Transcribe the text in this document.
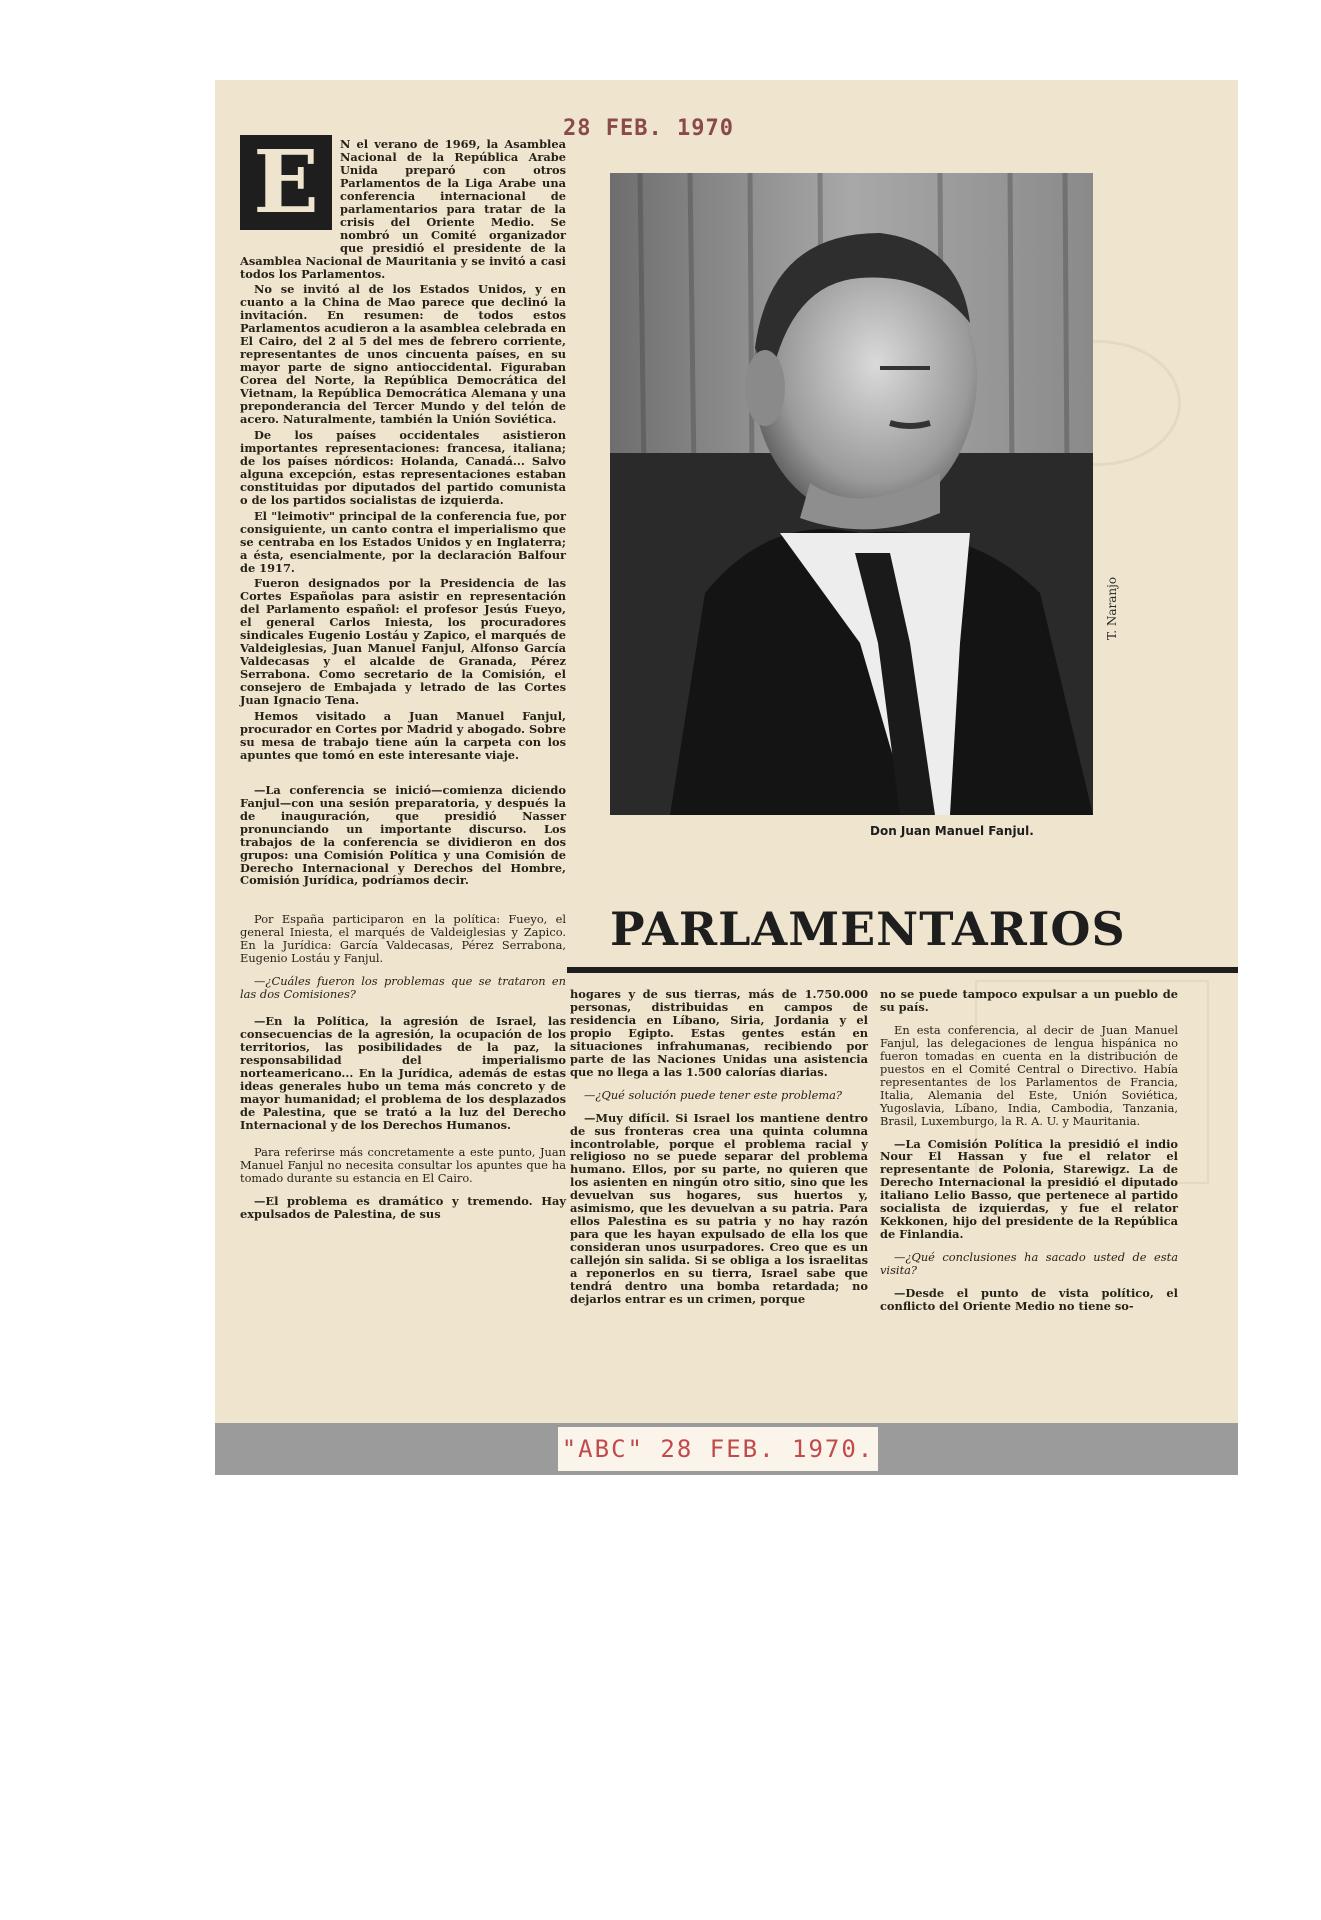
28 FEB. 1970
E	N el verano de 1969, la Asamblea Nacional de la República Arabe Unida preparó con otros Parlamentos de la Liga Arabe una conferencia internacional de parlamentarios para tratar de la crisis del Oriente Medio. Se nombró un Comité organizador que presidió el presidente de la Asamblea Nacional de Mauritania y se invitó a casi todos los Parlamentos.

No se invitó al de los Estados Unidos, y en cuanto a la China de Mao parece que declinó la invitación. En resumen: de todos estos Parlamentos acudieron a la asamblea celebrada en El Cairo, del 2 al 5 del mes de febrero corriente, representantes de unos cincuenta países, en su mayor parte de signo antioccidental. Figuraban Corea del Norte, la República Democrática del Vietnam, la República Democrática Alemana y una preponderancia del Tercer Mundo y del telón de acero. Naturalmente, también la Unión Soviética.

De los países occidentales asistieron importantes representaciones: francesa, italiana; de los países nórdicos: Holanda, Canadá... Salvo alguna excepción, estas representaciones estaban constituidas por diputados del partido comunista o de los partidos socialistas de izquierda.

El "leimotiv" principal de la conferencia fue, por consiguiente, un canto contra el imperialismo que se centraba en los Estados Unidos y en Inglaterra; a ésta, esencialmente, por la declaración Balfour de 1917.

Fueron designados por la Presidencia de las Cortes Españolas para asistir en representación del Parlamento español: el profesor Jesús Fueyo, el general Carlos Iniesta, los procuradores sindicales Eugenio Lostáu y Zapico, el marqués de Valdeiglesias, Juan Manuel Fanjul, Alfonso García Valdecasas y el alcalde de Granada, Pérez Serrabona. Como secretario de la Comisión, el consejero de Embajada y letrado de las Cortes Juan Ignacio Tena.

Hemos visitado a Juan Manuel Fanjul, procurador en Cortes por Madrid y abogado. Sobre su mesa de trabajo tiene aún la carpeta con los apuntes que tomó en este interesante viaje.

—La conferencia se inició—comienza diciendo Fanjul—con una sesión preparatoria, y después la de inauguración, que presidió Nasser pronunciando un importante discurso. Los trabajos de la conferencia se dividieron en dos grupos: una Comisión Política y una Comisión de Derecho Internacional y Derechos del Hombre, Comisión Jurídica, podríamos decir.

Por España participaron en la política: Fueyo, el general Iniesta, el marqués de Valdeiglesias y Zapico. En la Jurídica: García Valdecasas, Pérez Serrabona, Eugenio Lostáu y Fanjul.

—¿Cuáles fueron los problemas que se trataron en las dos Comisiones?

—En la Política, la agresión de Israel, las consecuencias de la agresión, la ocupación de los territorios, las posibilidades de la paz, la responsabilidad del imperialismo norteamericano... En la Jurídica, además de estas ideas generales hubo un tema más concreto y de mayor humanidad; el problema de los desplazados de Palestina, que se trató a la luz del Derecho Internacional y de los Derechos Humanos.

Para referirse más concretamente a este punto, Juan Manuel Fanjul no necesita consultar los apuntes que ha tomado durante su estancia en El Cairo.

—El problema es dramático y tremendo. Hay expulsados de Palestina, de sus

T. Naranjo
Don Juan Manuel Fanjul.
PARLAMENTARIOS

hogares y de sus tierras, más de 1.750.000 personas, distribuidas en campos de residencia en Líbano, Siria, Jordania y el propio Egipto. Estas gentes están en situaciones infrahumanas, recibiendo por parte de las Naciones Unidas una asistencia que no llega a las 1.500 calorías diarias.

—¿Qué solución puede tener este problema?

—Muy difícil. Si Israel los mantiene dentro de sus fronteras crea una quinta columna incontrolable, porque el problema racial y religioso no se puede separar del problema humano. Ellos, por su parte, no quieren que los asienten en ningún otro sitio, sino que les devuelvan sus hogares, sus huertos y, asimismo, que les devuelvan a su patria. Para ellos Palestina es su patria y no hay razón para que les hayan expulsado de ella los que consideran unos usurpadores. Creo que es un callejón sin salida. Si se obliga a los israelitas a reponerlos en su tierra, Israel sabe que tendrá dentro una bomba retardada; no dejarlos entrar es un crimen, porque

no se puede tampoco expulsar a un pueblo de su país.

En esta conferencia, al decir de Juan Manuel Fanjul, las delegaciones de lengua hispánica no fueron tomadas en cuenta en la distribución de puestos en el Comité Central o Directivo. Había representantes de los Parlamentos de Francia, Italia, Alemania del Este, Unión Soviética, Yugoslavia, Líbano, India, Cambodia, Tanzania, Brasil, Luxemburgo, la R. A. U. y Mauritania.

—La Comisión Política la presidió el indio Nour El Hassan y fue el relator el representante de Polonia, Starewigz. La de Derecho Internacional la presidió el diputado italiano Lelio Basso, que pertenece al partido socialista de izquierdas, y fue el relator Kekkonen, hijo del presidente de la República de Finlandia.

—¿Qué conclusiones ha sacado usted de esta visita?

—Desde el punto de vista político, el conflicto del Oriente Medio no tiene so-

"ABC" 28 FEB. 1970.
